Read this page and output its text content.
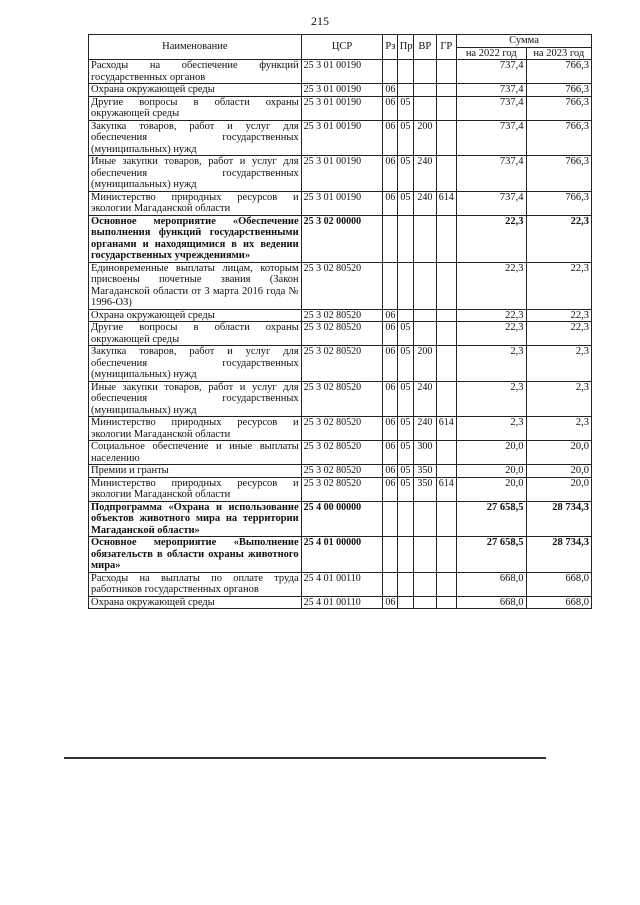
215
Наименование	ЦСР	Рз	Пр	ВР	ГР	Сумма	
						на 2022 год	на 2023 год
Расходы на обеспечение функций государственных органов	25 3 01 00190					737,4	766,3
Охрана окружающей среды	25 3 01 00190	06				737,4	766,3
Другие вопросы в области охраны окружающей среды	25 3 01 00190	06	05			737,4	766,3
Закупка товаров, работ и услуг для обеспечения государственных (муниципальных) нужд	25 3 01 00190	06	05	200		737,4	766,3
Иные закупки товаров, работ и услуг для обеспечения государственных (муниципальных) нужд	25 3 01 00190	06	05	240		737,4	766,3
Министерство природных ресурсов и экологии Магаданской области	25 3 01 00190	06	05	240	614	737,4	766,3
Основное мероприятие «Обеспечение выполнения функций государственными органами и находящимися в их ведении государственных учреждениями»	25 3 02 00000					22,3	22,3
Единовременные выплаты лицам, которым присвоены почетные звания (Закон Магаданской области от 3 марта 2016 года № 1996-ОЗ)	25 3 02 80520					22,3	22,3
Охрана окружающей среды	25 3 02 80520	06				22,3	22,3
Другие вопросы в области охраны окружающей среды	25 3 02 80520	06	05			22,3	22,3
Закупка товаров, работ и услуг для обеспечения государственных (муниципальных) нужд	25 3 02 80520	06	05	200		2,3	2,3
Иные закупки товаров, работ и услуг для обеспечения государственных (муниципальных) нужд	25 3 02 80520	06	05	240		2,3	2,3
Министерство природных ресурсов и экологии Магаданской области	25 3 02 80520	06	05	240	614	2,3	2,3
Социальное обеспечение и иные выплаты населению	25 3 02 80520	06	05	300		20,0	20,0
Премии и гранты	25 3 02 80520	06	05	350		20,0	20,0
Министерство природных ресурсов и экологии Магаданской области	25 3 02 80520	06	05	350	614	20,0	20,0
Подпрограмма «Охрана и использование объектов животного мира на территории Магаданской области»	25 4 00 00000					27 658,5	28 734,3
Основное мероприятие «Выполнение обязательств в области охраны животного мира»	25 4 01 00000					27 658,5	28 734,3
Расходы на выплаты по оплате труда работников государственных органов	25 4 01 00110					668,0	668,0
Охрана окружающей среды	25 4 01 00110	06				668,0	668,0
